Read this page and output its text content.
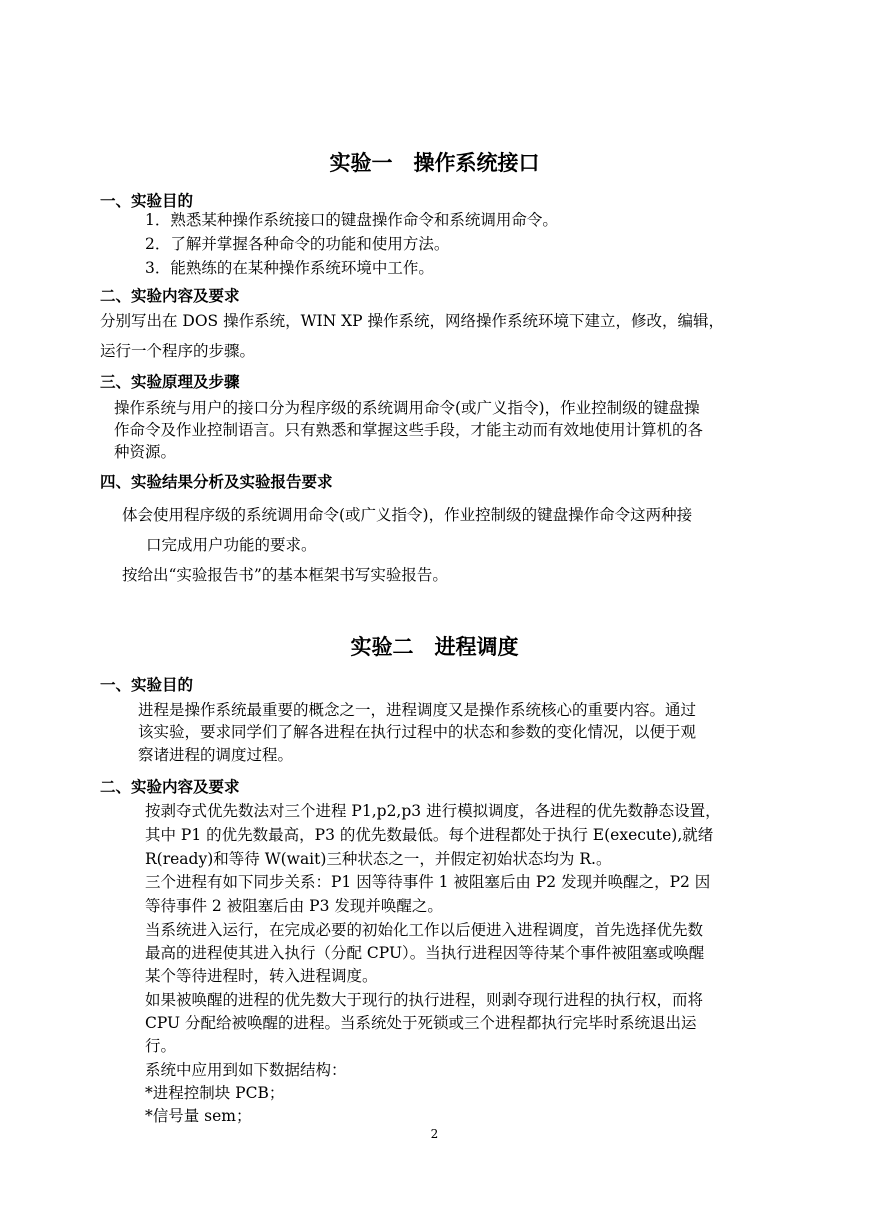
实验一　操作系统接口
一、实验目的
1．熟悉某种操作系统接口的键盘操作命令和系统调用命令。
2．了解并掌握各种命令的功能和使用方法。
3．能熟练的在某种操作系统环境中工作。
二、实验内容及要求
分别写出在 DOS 操作系统，WIN XP 操作系统，网络操作系统环境下建立，修改，编辑，
运行一个程序的步骤。
三、实验原理及步骤
操作系统与用户的接口分为程序级的系统调用命令(或广义指令)，作业控制级的键盘操
作命令及作业控制语言。只有熟悉和掌握这些手段，才能主动而有效地使用计算机的各
种资源。
四、实验结果分析及实验报告要求
体会使用程序级的系统调用命令(或广义指令)，作业控制级的键盘操作命令这两种接
口完成用户功能的要求。
按给出“实验报告书”的基本框架书写实验报告。
实验二　进程调度
一、实验目的
进程是操作系统最重要的概念之一，进程调度又是操作系统核心的重要内容。通过
该实验，要求同学们了解各进程在执行过程中的状态和参数的变化情况，以便于观
察诸进程的调度过程。
二、实验内容及要求
按剥夺式优先数法对三个进程 P1,p2,p3 进行模拟调度，各进程的优先数静态设置，
其中 P1 的优先数最高，P3 的优先数最低。每个进程都处于执行 E(execute),就绪
R(ready)和等待 W(wait)三种状态之一，并假定初始状态均为 R.。
三个进程有如下同步关系：P1 因等待事件 1 被阻塞后由 P2 发现并唤醒之，P2 因
等待事件 2 被阻塞后由 P3 发现并唤醒之。
当系统进入运行，在完成必要的初始化工作以后便进入进程调度，首先选择优先数
最高的进程使其进入执行（分配 CPU）。当执行进程因等待某个事件被阻塞或唤醒
某个等待进程时，转入进程调度。
如果被唤醒的进程的优先数大于现行的执行进程，则剥夺现行进程的执行权，而将
CPU 分配给被唤醒的进程。当系统处于死锁或三个进程都执行完毕时系统退出运
行。
系统中应用到如下数据结构：
*进程控制块 PCB；
*信号量 sem；
2
